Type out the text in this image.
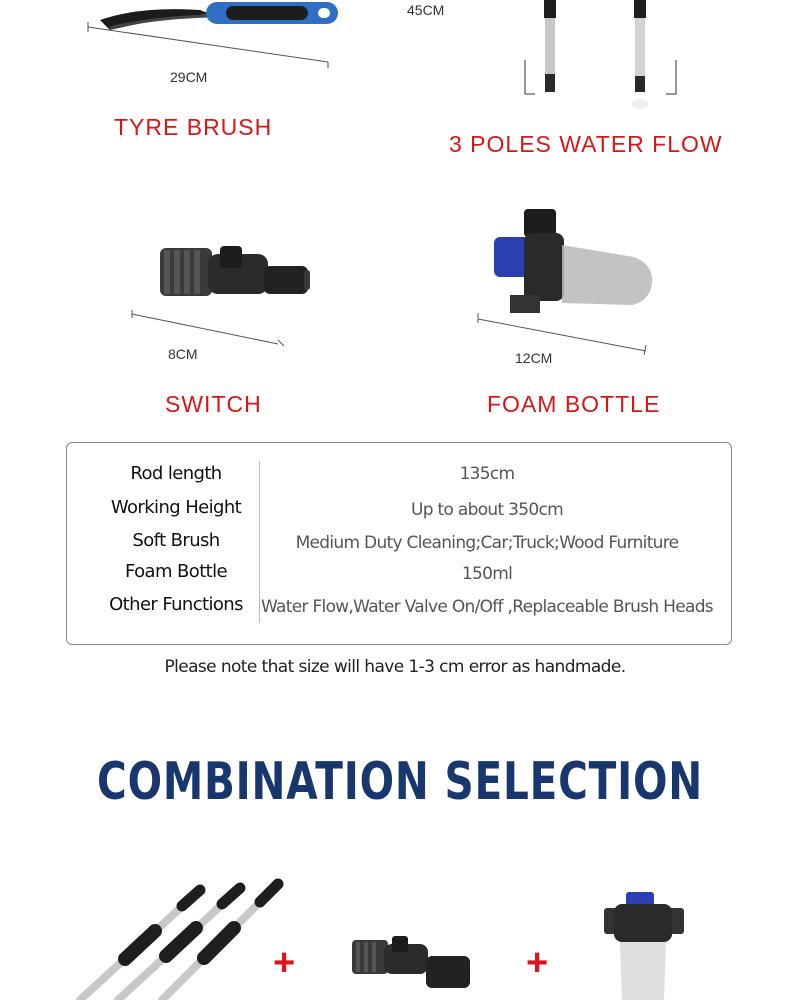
29CM
TYRE BRUSH
45CM
3 POLES WATER FLOW
8CM
SWITCH
12CM
FOAM BOTTLE
Rod length	135cm
Working Height	Up to about 350cm
Soft Brush	Medium Duty Cleaning;Car;Truck;Wood Furniture
Foam Bottle	150ml
Other Functions	Water Flow,Water Valve On/Off ,Replaceable Brush Heads
Please note that size will have 1-3 cm error as handmade.
COMBINATION SELECTION
+	+
